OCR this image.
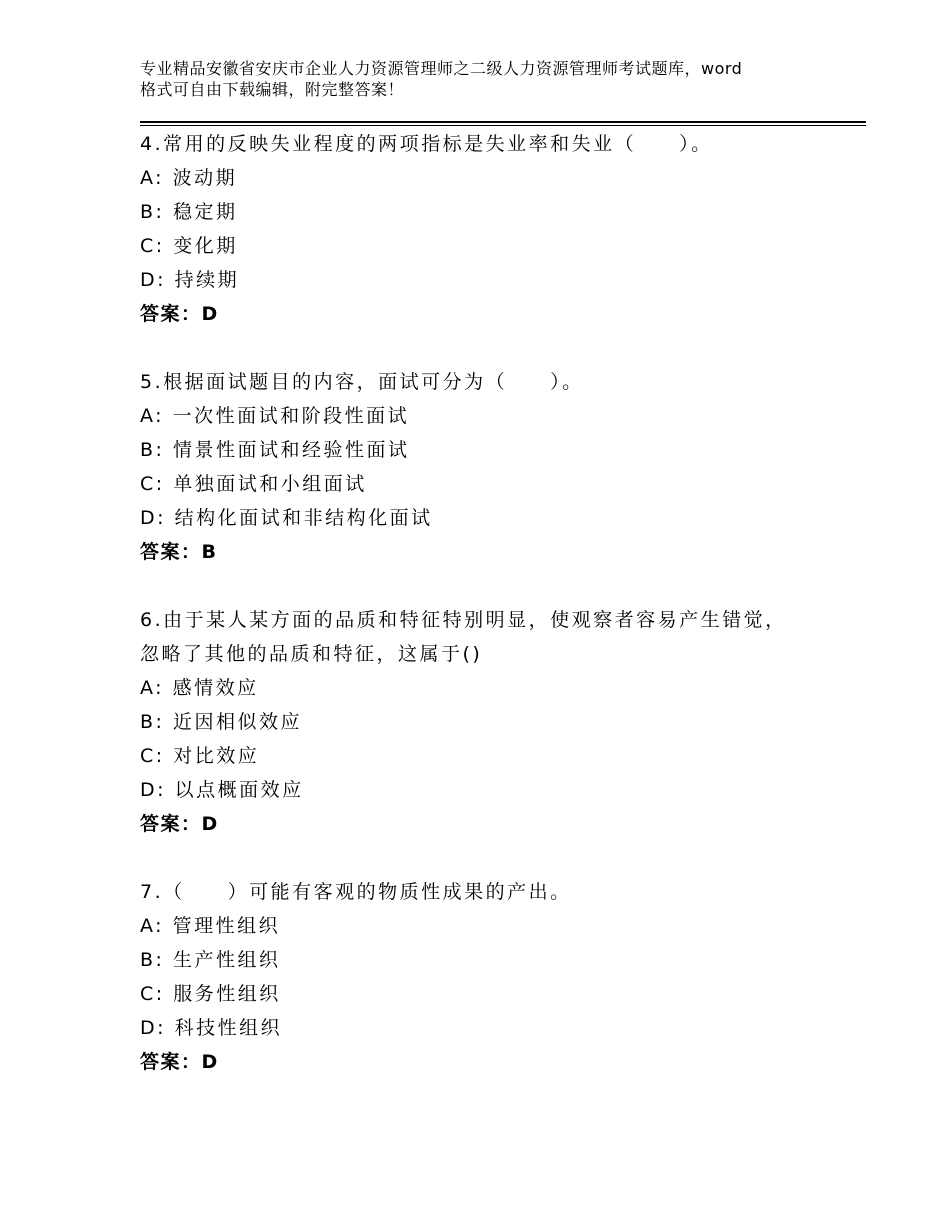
专业精品安徽省安庆市企业人力资源管理师之二级人力资源管理师考试题库，word
格式可自由下载编辑，附完整答案！
4.常用的反映失业程度的两项指标是失业率和失业（　　）。
A: 波动期
B: 稳定期
C: 变化期
D: 持续期
答案：D
5.根据面试题目的内容，面试可分为（　　）。
A: 一次性面试和阶段性面试
B: 情景性面试和经验性面试
C: 单独面试和小组面试
D: 结构化面试和非结构化面试
答案：B
6.由于某人某方面的品质和特征特别明显，使观察者容易产生错觉，
忽略了其他的品质和特征，这属于()
A: 感情效应
B: 近因相似效应
C: 对比效应
D: 以点概面效应
答案：D
7.（　　）可能有客观的物质性成果的产出。
A: 管理性组织
B: 生产性组织
C: 服务性组织
D: 科技性组织
答案：D
